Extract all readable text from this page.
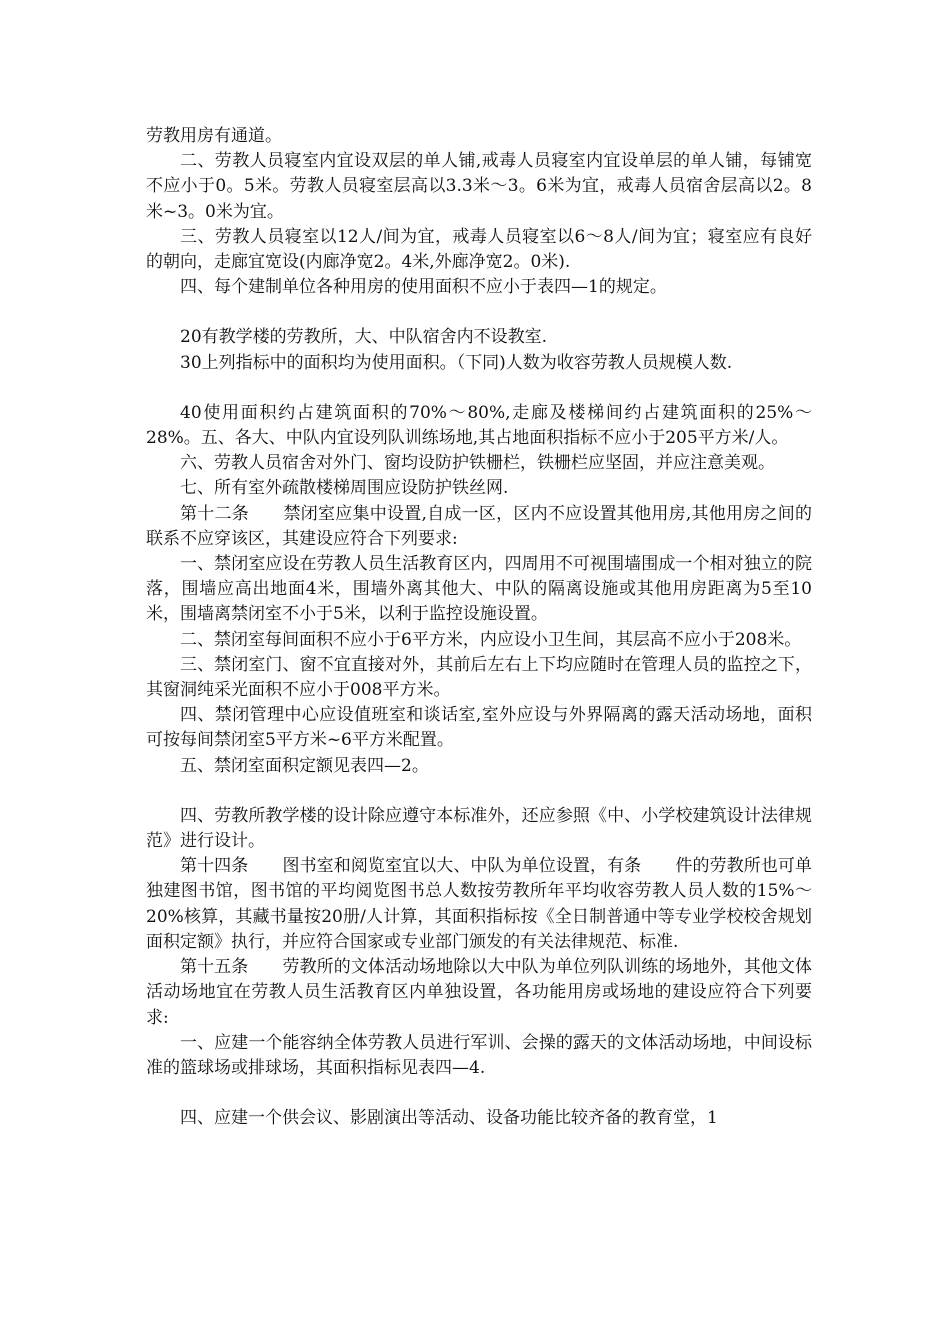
劳教用房有通道。

二、劳教人员寝室内宜设双层的单人铺,戒毒人员寝室内宜设单层的单人铺，每铺宽不应小于0。5米。劳教人员寝室层高以3.3米～3。6米为宜，戒毒人员宿舍层高以2。8米~3。0米为宜。

三、劳教人员寝室以12人/间为宜，戒毒人员寝室以6～8人/间为宜；寝室应有良好的朝向，走廊宜宽设(内廊净宽2。4米,外廊净宽2。0米).

四、每个建制单位各种用房的使用面积不应小于表四—1的规定。

20有教学楼的劳教所，大、中队宿舍内不设教室.

30上列指标中的面积均为使用面积。（下同)人数为收容劳教人员规模人数.

40使用面积约占建筑面积的70%～80%,走廊及楼梯间约占建筑面积的25%～28%。五、各大、中队内宜设列队训练场地,其占地面积指标不应小于205平方米/人。

六、劳教人员宿舍对外门、窗均设防护铁栅栏，铁栅栏应坚固，并应注意美观。

七、所有室外疏散楼梯周围应设防护铁丝网.

第十二条　　禁闭室应集中设置,自成一区，区内不应设置其他用房,其他用房之间的联系不应穿该区，其建设应符合下列要求:

一、禁闭室应设在劳教人员生活教育区内，四周用不可视围墙围成一个相对独立的院落，围墙应高出地面4米，围墙外离其他大、中队的隔离设施或其他用房距离为5至10米，围墙离禁闭室不小于5米，以利于监控设施设置。

二、禁闭室每间面积不应小于6平方米，内应设小卫生间，其层高不应小于208米。

三、禁闭室门、窗不宜直接对外，其前后左右上下均应随时在管理人员的监控之下，其窗洞纯采光面积不应小于008平方米。

四、禁闭管理中心应设值班室和谈话室,室外应设与外界隔离的露天活动场地，面积可按每间禁闭室5平方米~6平方米配置。

五、禁闭室面积定额见表四—2。

四、劳教所教学楼的设计除应遵守本标准外，还应参照《中、小学校建筑设计法律规范》进行设计。

第十四条　　图书室和阅览室宜以大、中队为单位设置，有条　　件的劳教所也可单独建图书馆，图书馆的平均阅览图书总人数按劳教所年平均收容劳教人员人数的15%～20%核算，其藏书量按20册/人计算，其面积指标按《全日制普通中等专业学校校舍规划面积定额》执行，并应符合国家或专业部门颁发的有关法律规范、标准.

第十五条　　劳教所的文体活动场地除以大中队为单位列队训练的场地外，其他文体活动场地宜在劳教人员生活教育区内单独设置，各功能用房或场地的建设应符合下列要求:

一、应建一个能容纳全体劳教人员进行军训、会操的露天的文体活动场地，中间设标准的篮球场或排球场，其面积指标见表四—4.

四、应建一个供会议、影剧演出等活动、设备功能比较齐备的教育堂，1
